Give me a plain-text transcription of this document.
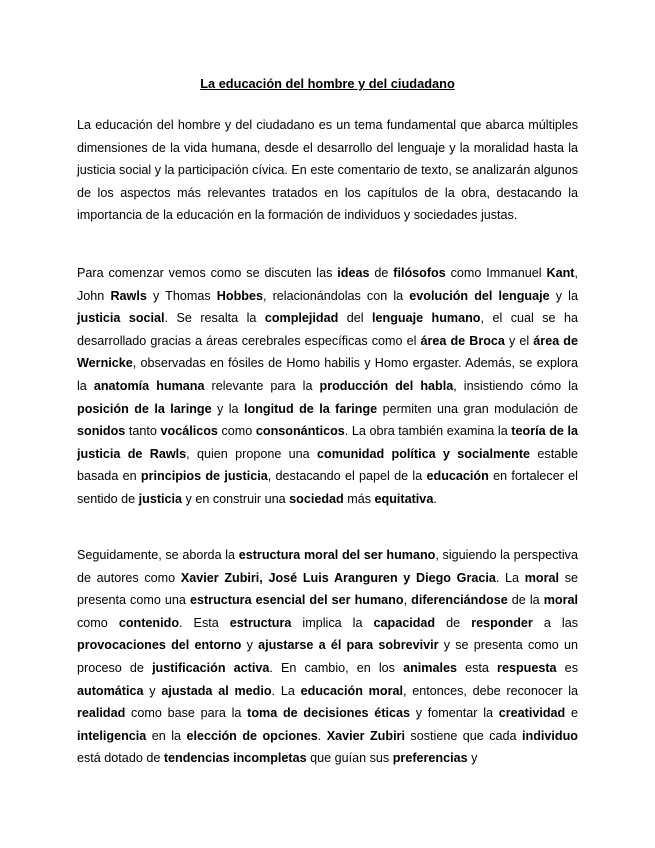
La educación del hombre y del ciudadano
La educación del hombre y del ciudadano es un tema fundamental que abarca múltiples dimensiones de la vida humana, desde el desarrollo del lenguaje y la moralidad hasta la justicia social y la participación cívica. En este comentario de texto, se analizarán algunos de los aspectos más relevantes tratados en los capítulos de la obra, destacando la importancia de la educación en la formación de individuos y sociedades justas.
Para comenzar vemos como se discuten las ideas de filósofos como Immanuel Kant, John Rawls y Thomas Hobbes, relacionándolas con la evolución del lenguaje y la justicia social. Se resalta la complejidad del lenguaje humano, el cual se ha desarrollado gracias a áreas cerebrales específicas como el área de Broca y el área de Wernicke, observadas en fósiles de Homo habilis y Homo ergaster. Además, se explora la anatomía humana relevante para la producción del habla, insistiendo cómo la posición de la laringe y la longitud de la faringe permiten una gran modulación de sonidos tanto vocálicos como consonánticos. La obra también examina la teoría de la justicia de Rawls, quien propone una comunidad política y socialmente estable basada en principios de justicia, destacando el papel de la educación en fortalecer el sentido de justicia y en construir una sociedad más equitativa.
Seguidamente, se aborda la estructura moral del ser humano, siguiendo la perspectiva de autores como Xavier Zubiri, José Luis Aranguren y Diego Gracia. La moral se presenta como una estructura esencial del ser humano, diferenciándose de la moral como contenido. Esta estructura implica la capacidad de responder a las provocaciones del entorno y ajustarse a él para sobrevivir y se presenta como un proceso de justificación activa. En cambio, en los animales esta respuesta es automática y ajustada al medio. La educación moral, entonces, debe reconocer la realidad como base para la toma de decisiones éticas y fomentar la creatividad e inteligencia en la elección de opciones. Xavier Zubiri sostiene que cada individuo está dotado de tendencias incompletas que guían sus preferencias y
